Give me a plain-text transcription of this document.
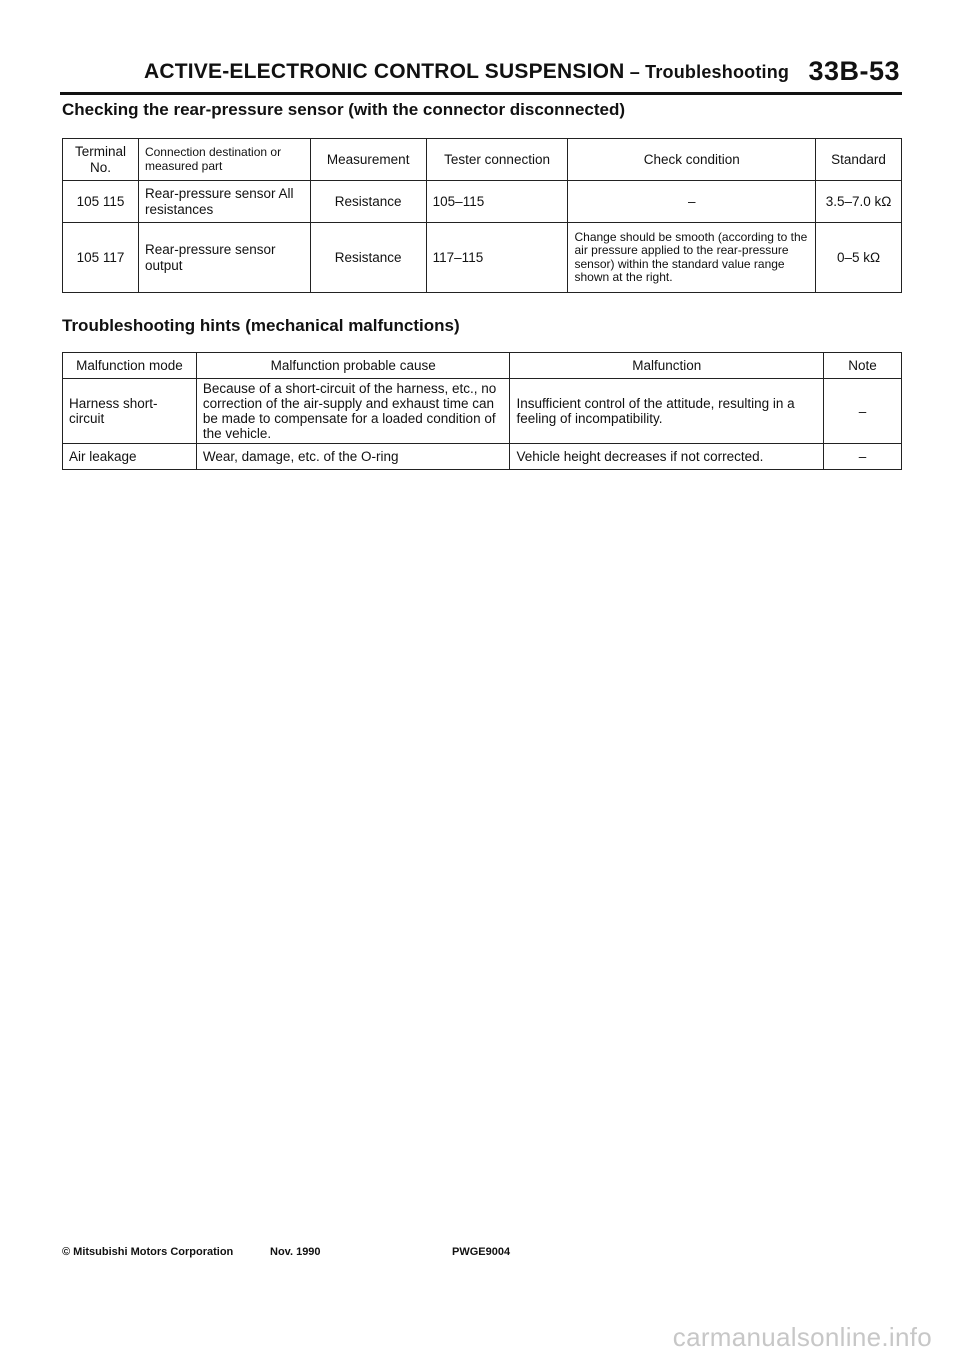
ACTIVE-ELECTRONIC CONTROL SUSPENSION – Troubleshooting 33B-53
Checking the rear-pressure sensor (with the connector disconnected)
Terminal No.	Connection destination or measured part	Measurement	Tester connection	Check condition	Standard
105 115	Rear-pressure sensor All resistances	Resistance	105–115	–	3.5–7.0 kΩ
105 117	Rear-pressure sensor output	Resistance	117–115	Change should be smooth (according to the air pressure applied to the rear-pressure sensor) within the standard value range shown at the right.	0–5 kΩ
Troubleshooting hints (mechanical malfunctions)
Malfunction mode	Malfunction probable cause	Malfunction	Note
Harness short-circuit	Because of a short-circuit of the harness, etc., no correction of the air-supply and exhaust time can be made to compensate for a loaded condition of the vehicle.	Insufficient control of the attitude, resulting in a feeling of incompatibility.	–
Air leakage	Wear, damage, etc. of the O-ring	Vehicle height decreases if not corrected.	–
© Mitsubishi Motors Corporation	Nov. 1990	PWGE9004
carmanualsonline.info
